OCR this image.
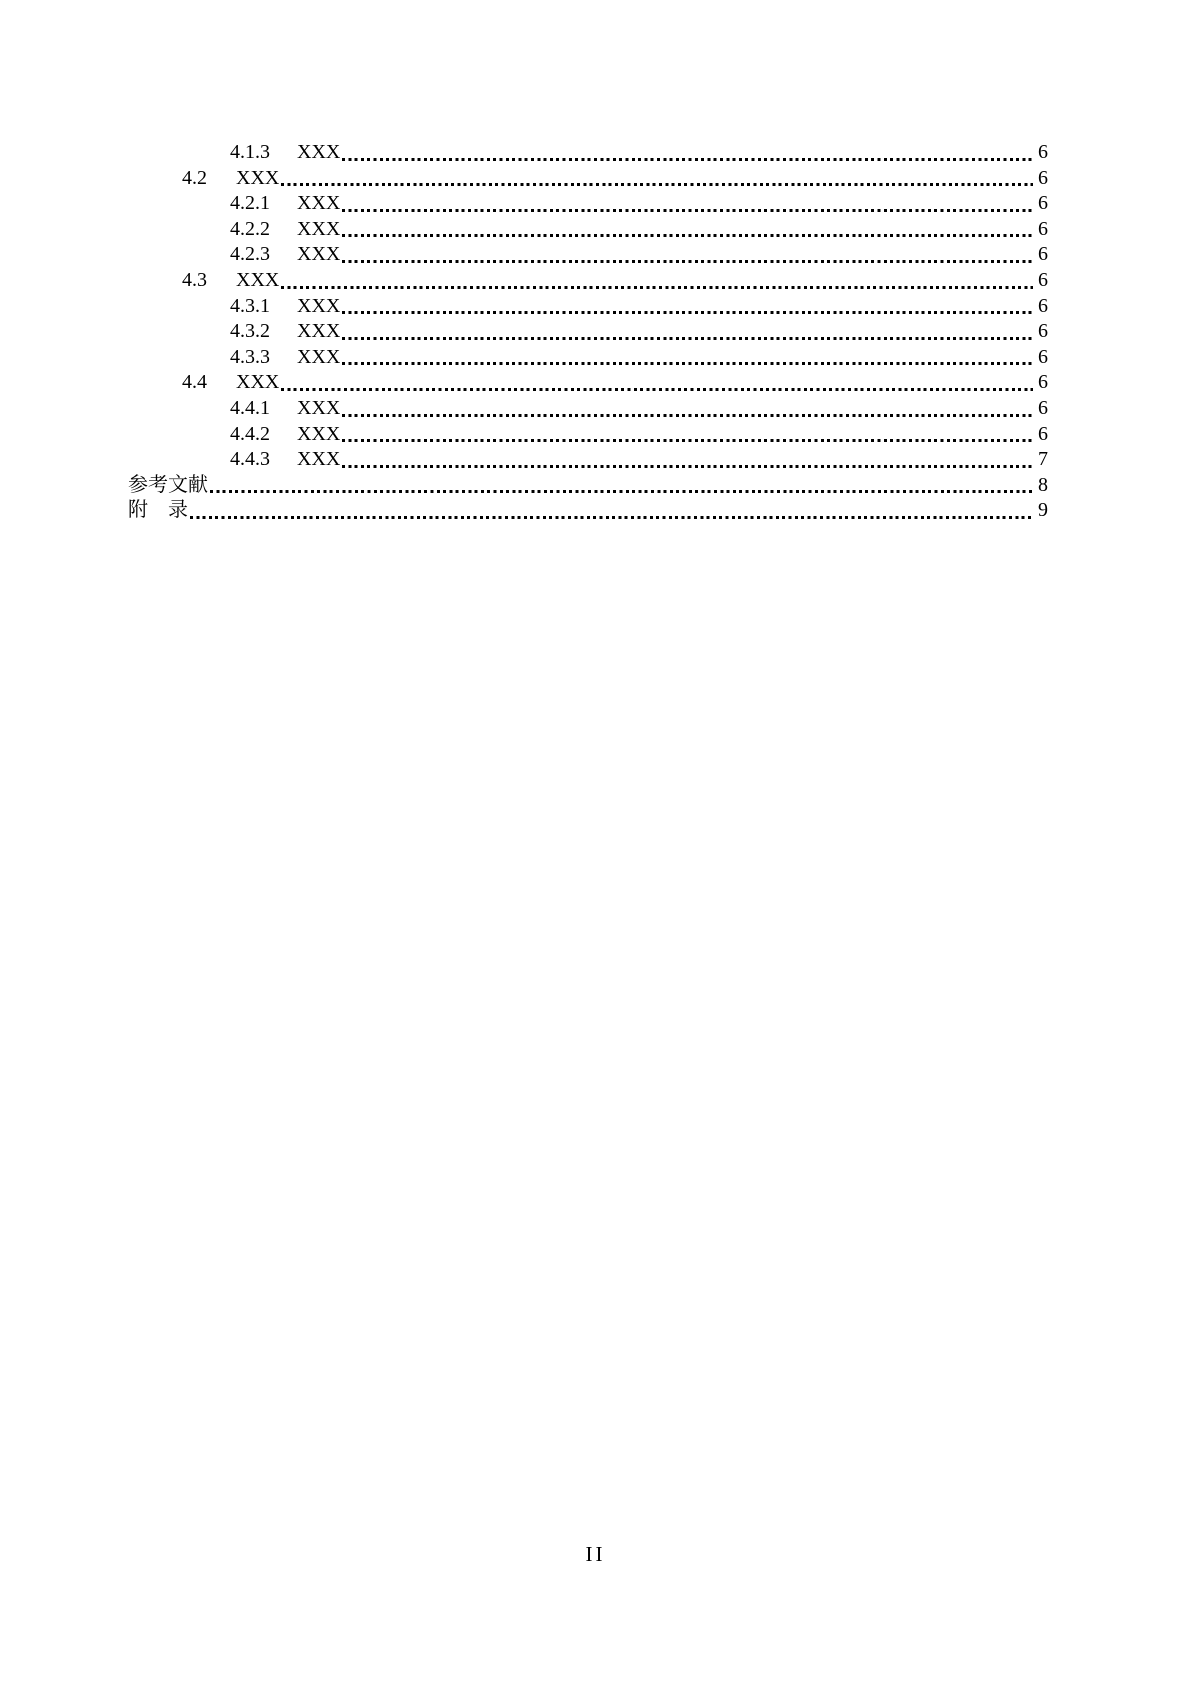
4.1.3	XXX	6
4.2	XXX	6
4.2.1	XXX	6
4.2.2	XXX	6
4.2.3	XXX	6
4.3	XXX	6
4.3.1	XXX	6
4.3.2	XXX	6
4.3.3	XXX	6
4.4	XXX	6
4.4.1	XXX	6
4.4.2	XXX	6
4.4.3	XXX	7
参考文献	8
附　录	9
II
